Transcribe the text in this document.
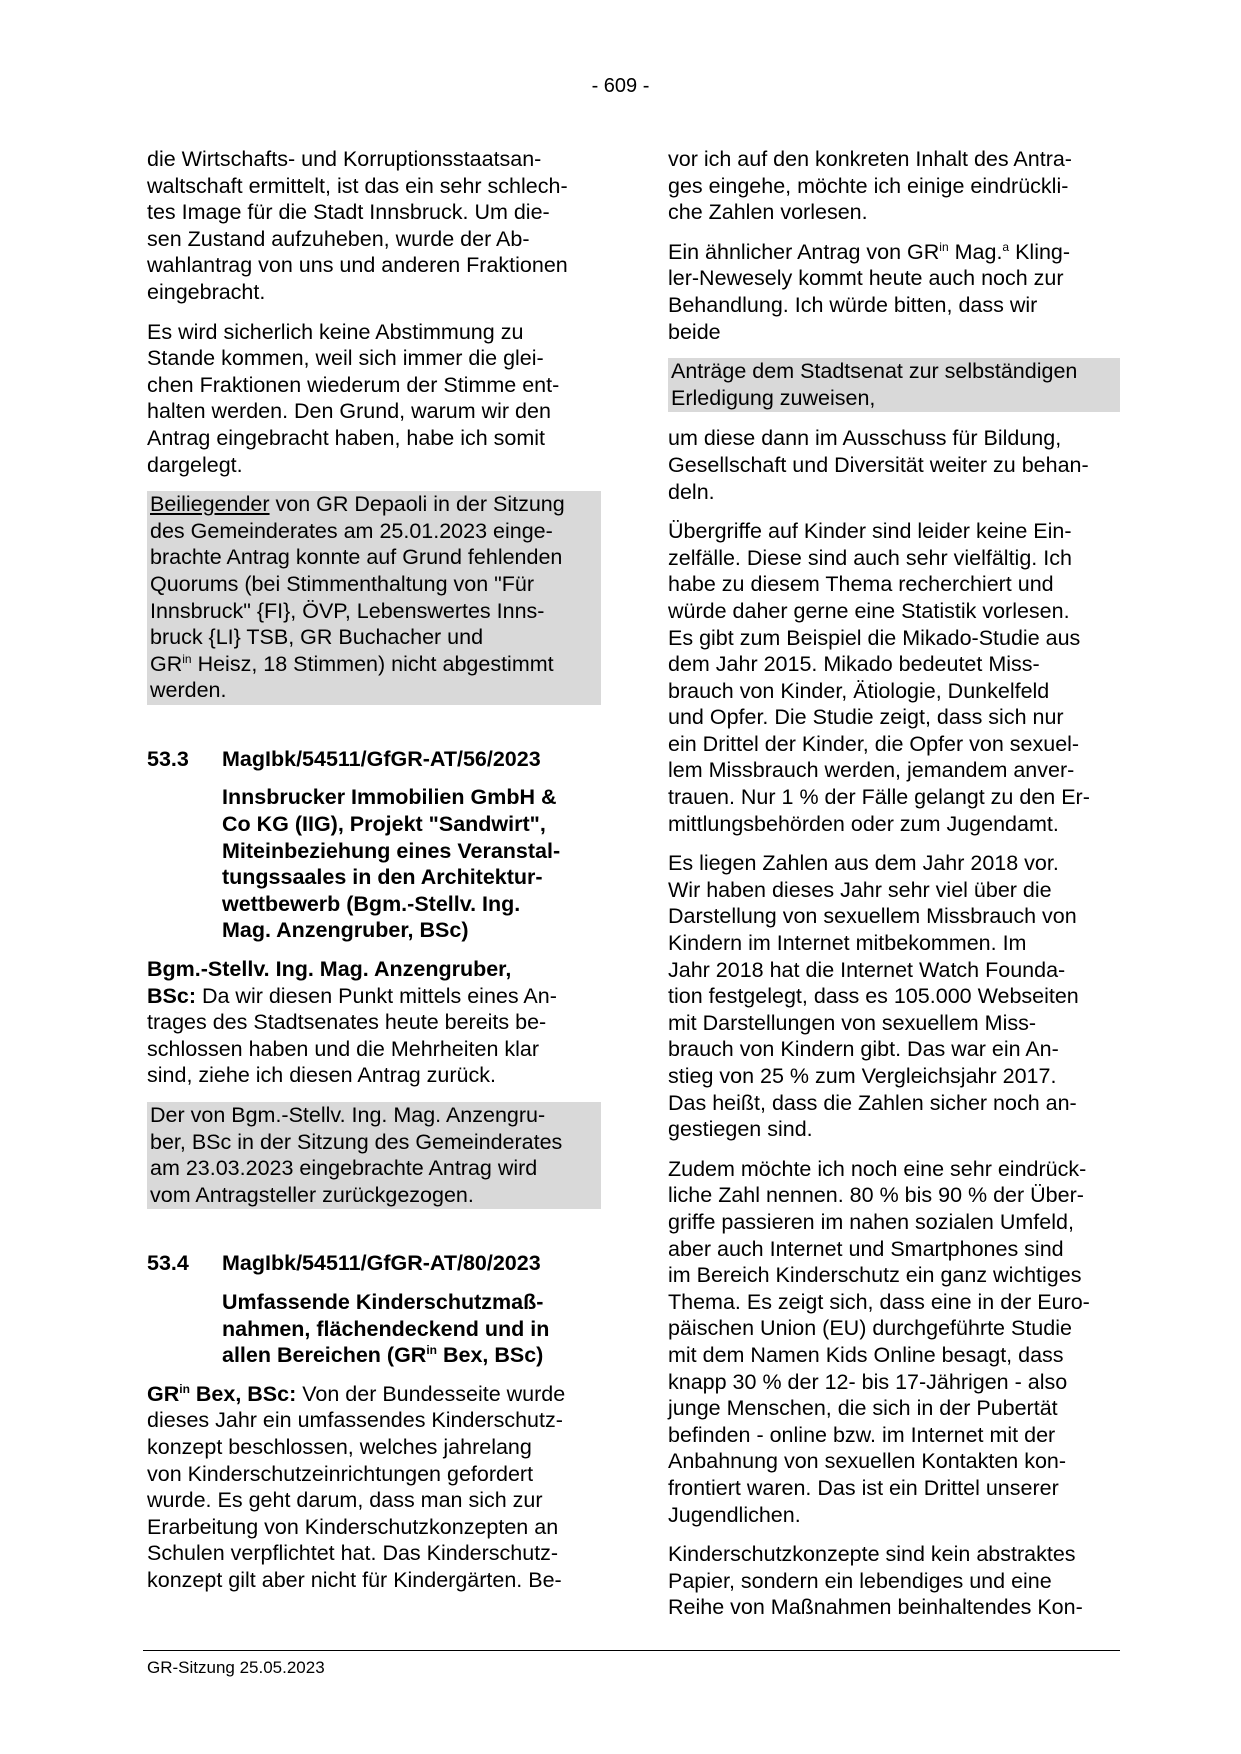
- 609 -

die Wirtschafts- und Korruptionsstaatsan-
waltschaft ermittelt, ist das ein sehr schlech-
tes Image für die Stadt Innsbruck. Um die-
sen Zustand aufzuheben, wurde der Ab-
wahlantrag von uns und anderen Fraktionen
eingebracht.

Es wird sicherlich keine Abstimmung zu
Stande kommen, weil sich immer die glei-
chen Fraktionen wiederum der Stimme ent-
halten werden. Den Grund, warum wir den
Antrag eingebracht haben, habe ich somit
dargelegt.

Beiliegender von GR Depaoli in der Sitzung
des Gemeinderates am 25.01.2023 einge-
brachte Antrag konnte auf Grund fehlenden
Quorums (bei Stimmenthaltung von "Für
Innsbruck" {FI}, ÖVP, Lebenswertes Inns-
bruck {LI} TSB, GR Buchacher und
$GR^{in}$ Heisz, 18 Stimmen) nicht abgestimmt
werden.

53.3 MagIbk/54511/GfGR-AT/56/2023
Innsbrucker Immobilien GmbH &
Co KG (IIG), Projekt "Sandwirt",
Miteinbeziehung eines Veranstal-
tungssaales in den Architektur-
wettbewerb (Bgm.-Stellv. Ing.
Mag. Anzengruber, BSc)

Bgm.-Stellv. Ing. Mag. Anzengruber,
BSc: Da wir diesen Punkt mittels eines An-
trages des Stadtsenates heute bereits be-
schlossen haben und die Mehrheiten klar
sind, ziehe ich diesen Antrag zurück.

Der von Bgm.-Stellv. Ing. Mag. Anzengru-
ber, BSc in der Sitzung des Gemeinderates
am 23.03.2023 eingebrachte Antrag wird
vom Antragsteller zurückgezogen.

53.4 MagIbk/54511/GfGR-AT/80/2023
Umfassende Kinderschutzmaß-
nahmen, flächendeckend und in
allen Bereichen ($GR^{in}$ Bex, BSc)

$GR^{in}$ Bex, BSc: Von der Bundesseite wurde
dieses Jahr ein umfassendes Kinderschutz-
konzept beschlossen, welches jahrelang
von Kinderschutzeinrichtungen gefordert
wurde. Es geht darum, dass man sich zur
Erarbeitung von Kinderschutzkonzepten an
Schulen verpflichtet hat. Das Kinderschutz-
konzept gilt aber nicht für Kindergärten. Be-

vor ich auf den konkreten Inhalt des Antra-
ges eingehe, möchte ich einige eindrückli-
che Zahlen vorlesen.

Ein ähnlicher Antrag von $GR^{in}$ Mag.$^a$ Kling-
ler-Newesely kommt heute auch noch zur
Behandlung. Ich würde bitten, dass wir
beide

Anträge dem Stadtsenat zur selbständigen
Erledigung zuweisen,

um diese dann im Ausschuss für Bildung,
Gesellschaft und Diversität weiter zu behan-
deln.

Übergriffe auf Kinder sind leider keine Ein-
zelfälle. Diese sind auch sehr vielfältig. Ich
habe zu diesem Thema recherchiert und
würde daher gerne eine Statistik vorlesen.
Es gibt zum Beispiel die Mikado-Studie aus
dem Jahr 2015. Mikado bedeutet Miss-
brauch von Kinder, Ätiologie, Dunkelfeld
und Opfer. Die Studie zeigt, dass sich nur
ein Drittel der Kinder, die Opfer von sexuel-
lem Missbrauch werden, jemandem anver-
trauen. Nur 1 % der Fälle gelangt zu den Er-
mittlungsbehörden oder zum Jugendamt.

Es liegen Zahlen aus dem Jahr 2018 vor.
Wir haben dieses Jahr sehr viel über die
Darstellung von sexuellem Missbrauch von
Kindern im Internet mitbekommen. Im
Jahr 2018 hat die Internet Watch Founda-
tion festgelegt, dass es 105.000 Webseiten
mit Darstellungen von sexuellem Miss-
brauch von Kindern gibt. Das war ein An-
stieg von 25 % zum Vergleichsjahr 2017.
Das heißt, dass die Zahlen sicher noch an-
gestiegen sind.

Zudem möchte ich noch eine sehr eindrück-
liche Zahl nennen. 80 % bis 90 % der Über-
griffe passieren im nahen sozialen Umfeld,
aber auch Internet und Smartphones sind
im Bereich Kinderschutz ein ganz wichtiges
Thema. Es zeigt sich, dass eine in der Euro-
päischen Union (EU) durchgeführte Studie
mit dem Namen Kids Online besagt, dass
knapp 30 % der 12- bis 17-Jährigen - also
junge Menschen, die sich in der Pubertät
befinden - online bzw. im Internet mit der
Anbahnung von sexuellen Kontakten kon-
frontiert waren. Das ist ein Drittel unserer
Jugendlichen.

Kinderschutzkonzepte sind kein abstraktes
Papier, sondern ein lebendiges und eine
Reihe von Maßnahmen beinhaltendes Kon-

GR-Sitzung 25.05.2023
